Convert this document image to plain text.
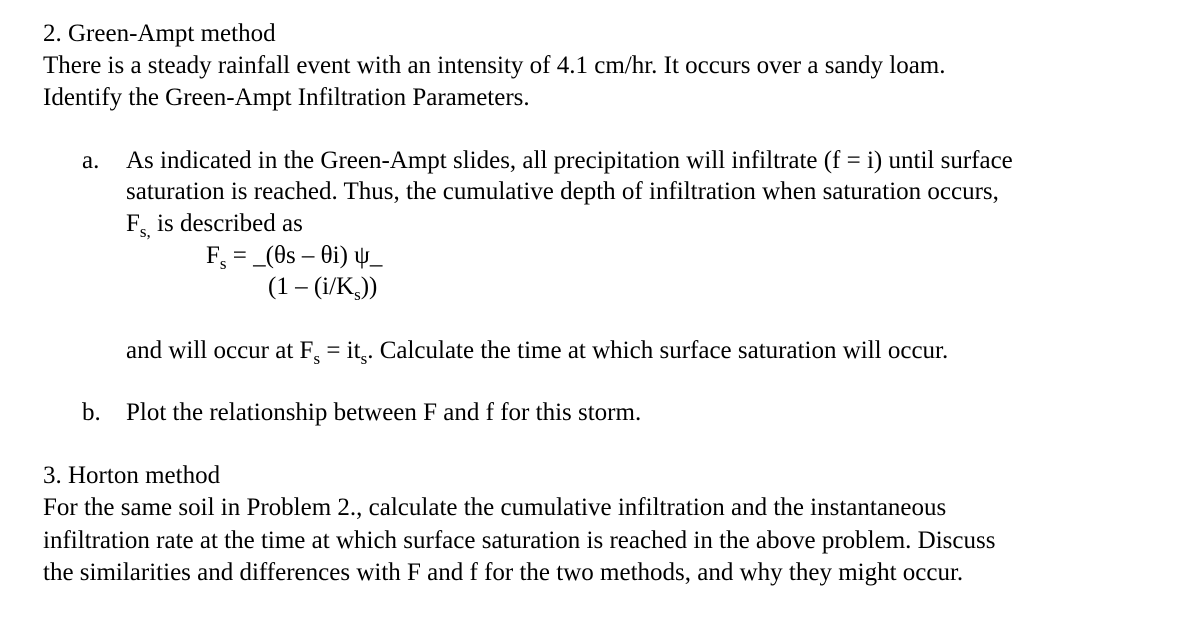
2. Green-Ampt method
There is a steady rainfall event with an intensity of 4.1 cm/hr. It occurs over a sandy loam.
Identify the Green-Ampt Infiltration Parameters.
a. As indicated in the Green-Ampt slides, all precipitation will infiltrate (f = i) until surface
saturation is reached. Thus, the cumulative depth of infiltration when saturation occurs,
$F_{s,}$ is described as
$F_s$ = _(θs – θi) ψ_
$(1 - (i/K_s))$
and will occur at $F_s = it_s$. Calculate the time at which surface saturation will occur.
b. Plot the relationship between F and f for this storm.
3. Horton method
For the same soil in Problem 2., calculate the cumulative infiltration and the instantaneous
infiltration rate at the time at which surface saturation is reached in the above problem. Discuss
the similarities and differences with F and f for the two methods, and why they might occur.
